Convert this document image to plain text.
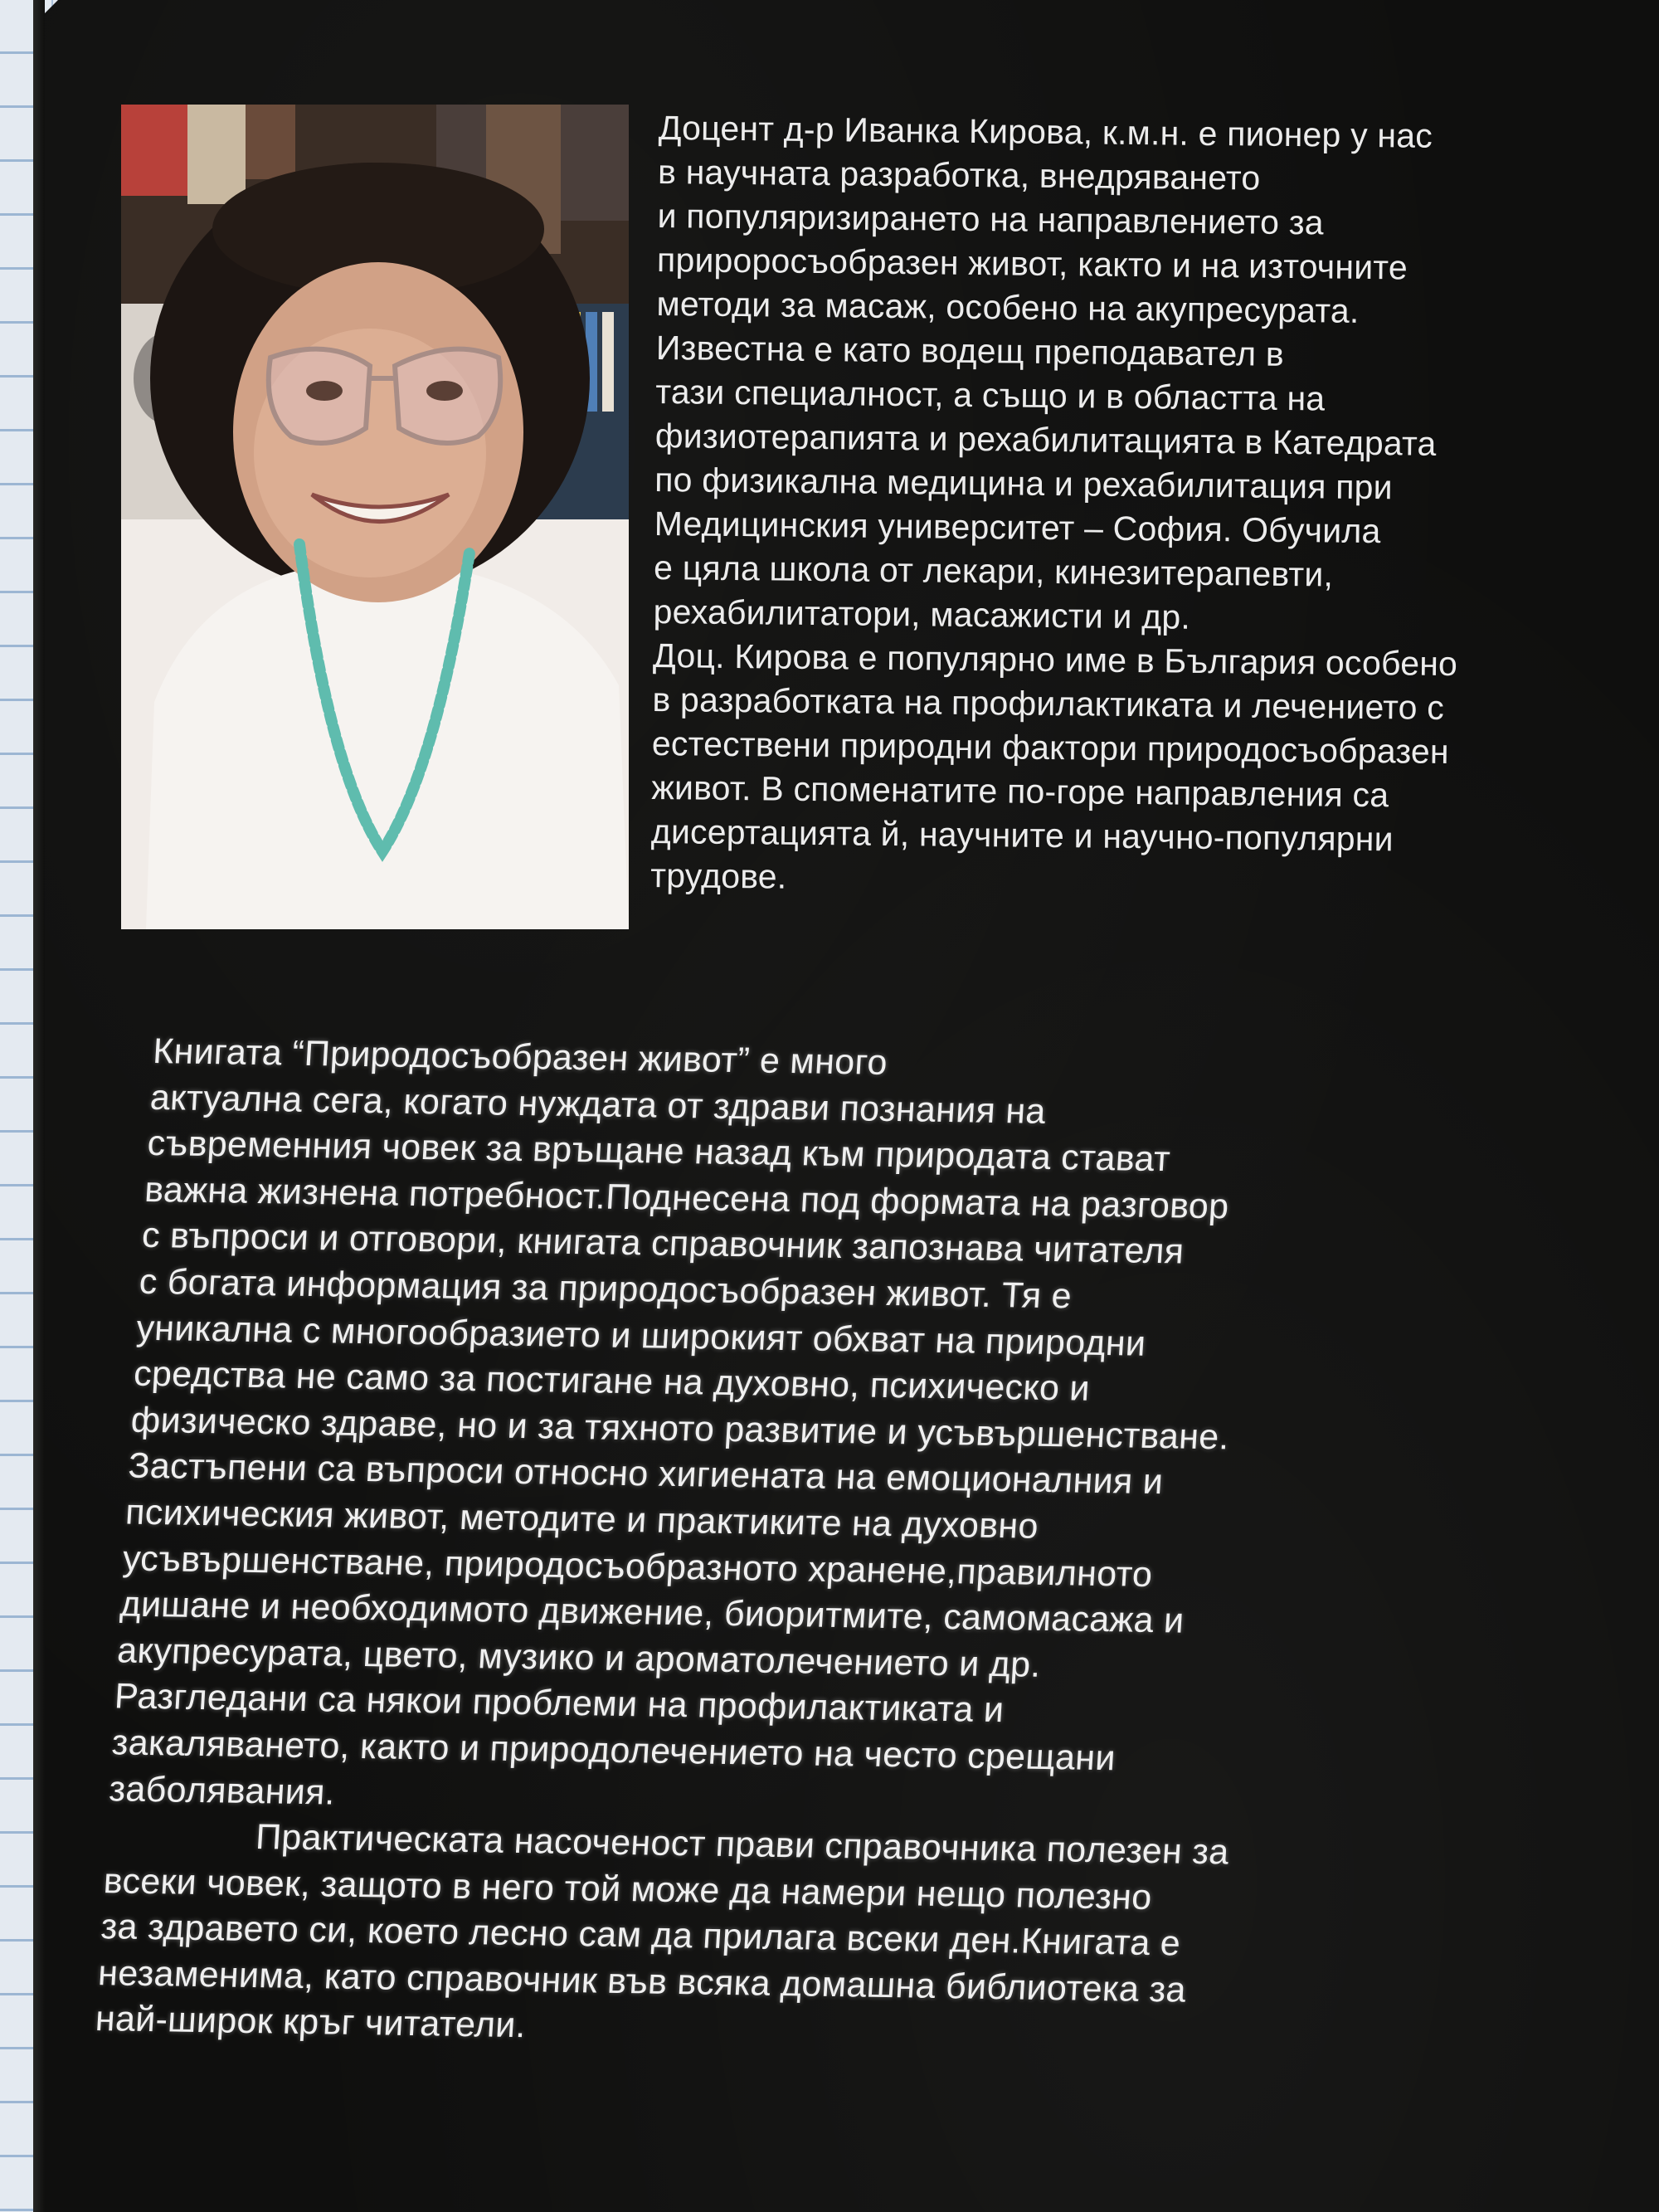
Доцент д-р Иванка Кирова, к.м.н. е пионер у нас
в научната разработка, внедряването
и популяризирането на направлението за
прироросъобразен живот, както и на източните
методи за масаж, особено на акупресурата.
Известна е като водещ преподавател в
тази специалност, а също и в областта на
физиотерапията и рехабилитацията в Катедрата
по физикална медицина и рехабилитация при
Медицинския университет – София. Обучила
е цяла школа от лекари, кинезитерапевти,
рехабилитатори, масажисти и др.
Доц. Кирова е популярно име в България особено
в разработката на профилактиката и лечението с
естествени природни фактори природосъобразен
живот. В споменатите по-горе направления са
дисертацията й, научните и научно-популярни
трудове.
Книгата “Природосъобразен живот” е много
актуална сега, когато нуждата от здрави познания на
съвременния човек за връщане назад към природата стават
важна жизнена потребност.Поднесена под формата на разговор
с въпроси и отговори, книгата справочник запознава читателя
с богата информация за природосъобразен живот. Тя е
уникална с многообразието и широкият обхват на природни
средства не само за постигане на духовно, психическо и
физическо здраве, но и за тяхното развитие и усъвършенстване.
Застъпени са въпроси относно хигиената на емоционалния и
психическия живот, методите и практиките на духовно
усъвършенстване, природосъобразното хранене,правилното
дишане и необходимото движение, биоритмите, самомасажа и
акупресурата, цвето, музико и ароматолечението и др.
Разгледани са някои проблеми на профилактиката и
закаляването, както и природолечението на често срещани
заболявания.
Практическата насоченост прави справочника полезен за
всеки човек, защото в него той може да намери нещо полезно
за здравето си, което лесно сам да прилага всеки ден.Книгата е
незаменима, като справочник във всяка домашна библиотека за
най-широк кръг читатели.
